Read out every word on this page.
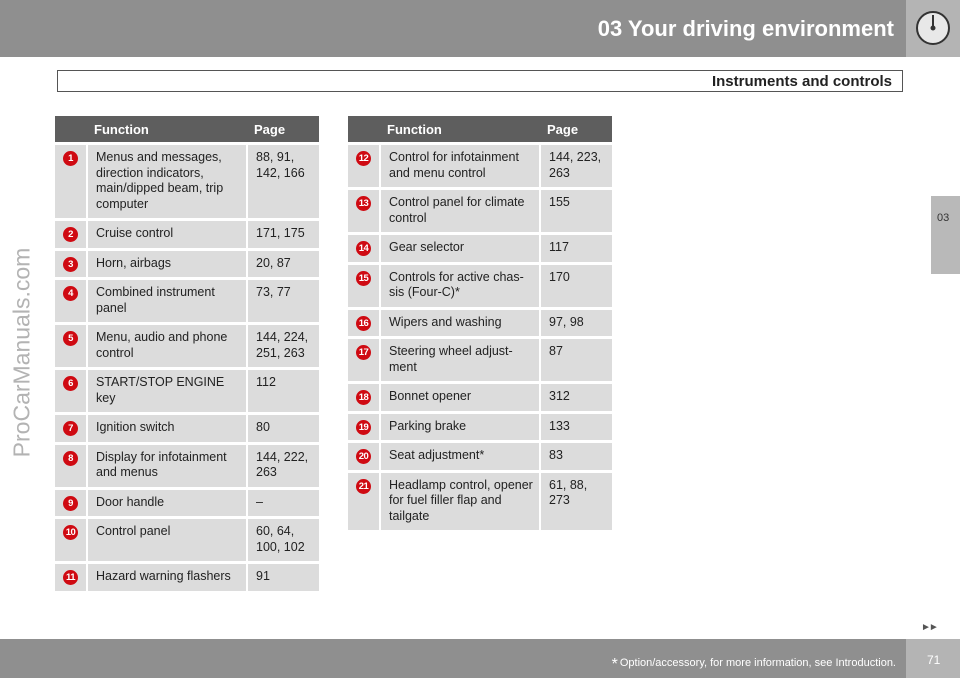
03 Your driving environment
Instruments and controls
03
ProCarManuals.com
	Function	Page
1	Menus and messages, direction indicators, main/dipped beam, trip computer	88, 91, 142, 166
2	Cruise control	171, 175
3	Horn, airbags	20, 87
4	Combined instrument panel	73, 77
5	Menu, audio and phone control	144, 224, 251, 263
6	START/STOP ENGINE key	112
7	Ignition switch	80
8	Display for infotainment and menus	144, 222, 263
9	Door handle	–
10	Control panel	60, 64, 100, 102
11	Hazard warning flashers	91
	Function	Page
12	Control for infotainment and menu control	144, 223, 263
13	Control panel for climate control	155
14	Gear selector	117
15	Controls for active chas-sis (Four-C)*	170
16	Wipers and washing	97, 98
17	Steering wheel adjust-ment	87
18	Bonnet opener	312
19	Parking brake	133
20	Seat adjustment*	83
21	Headlamp control, opener for fuel filler flap and tailgate	61, 88, 273
►►
* Option/accessory, for more information, see Introduction.	71
